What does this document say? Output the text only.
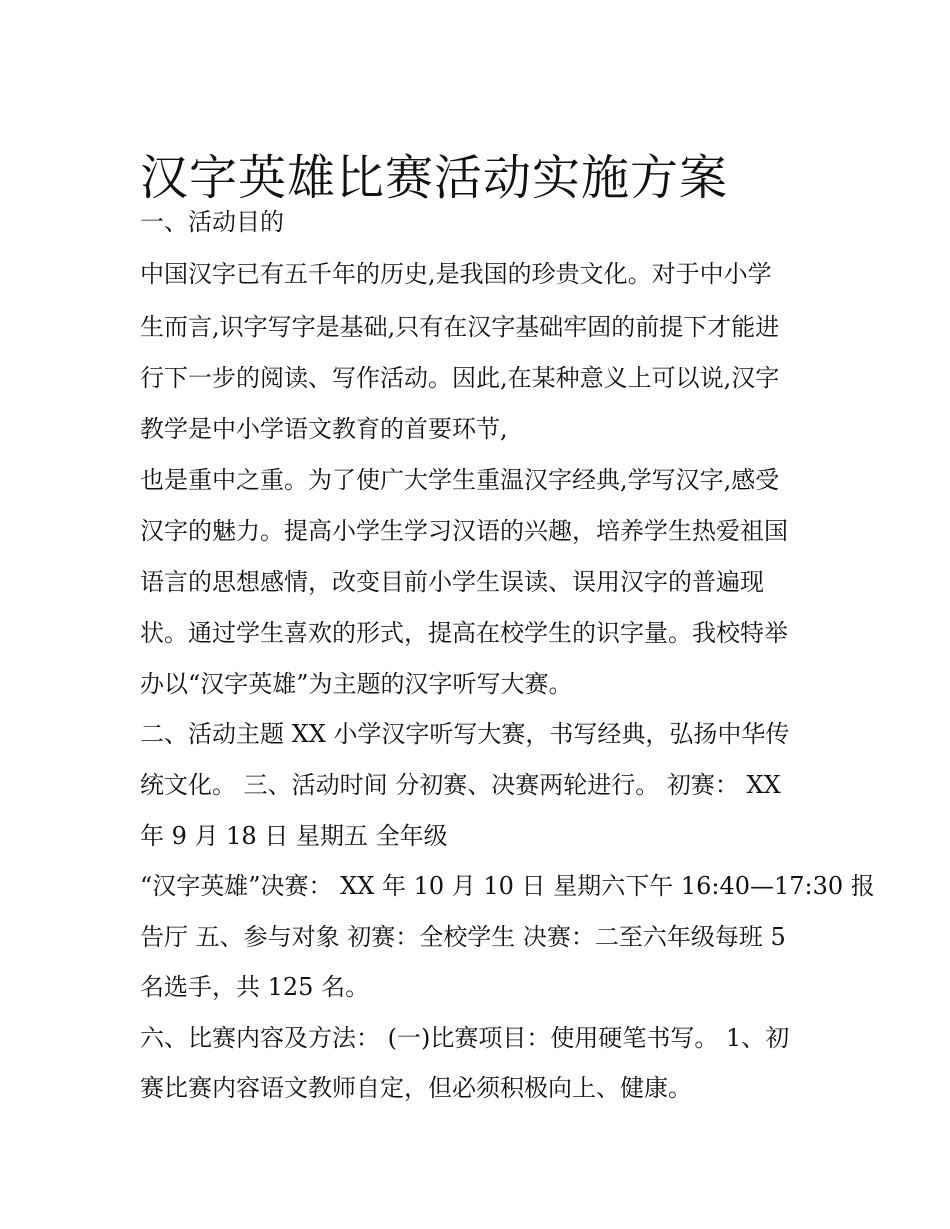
汉字英雄比赛活动实施方案
一、活动目的
中国汉字已有五千年的历史,是我国的珍贵文化。对于中小学
生而言,识字写字是基础,只有在汉字基础牢固的前提下才能进
行下一步的阅读、写作活动。因此,在某种意义上可以说,汉字
教学是中小学语文教育的首要环节,
也是重中之重。为了使广大学生重温汉字经典,学写汉字,感受
汉字的魅力。提高小学生学习汉语的兴趣，培养学生热爱祖国
语言的思想感情，改变目前小学生误读、误用汉字的普遍现
状。通过学生喜欢的形式，提高在校学生的识字量。我校特举
办以“汉字英雄”为主题的汉字听写大赛。
二、活动主题 XX 小学汉字听写大赛，书写经典，弘扬中华传
统文化。 三、活动时间 分初赛、决赛两轮进行。 初赛： XX
年 9 月 18 日 星期五 全年级
“汉字英雄”决赛： XX 年 10 月 10 日 星期六下午 16:40—17:30 报
告厅 五、参与对象 初赛：全校学生 决赛：二至六年级每班 5
名选手，共 125 名。
六、比赛内容及方法： (一)比赛项目：使用硬笔书写。 1、初
赛比赛内容语文教师自定，但必须积极向上、健康。
